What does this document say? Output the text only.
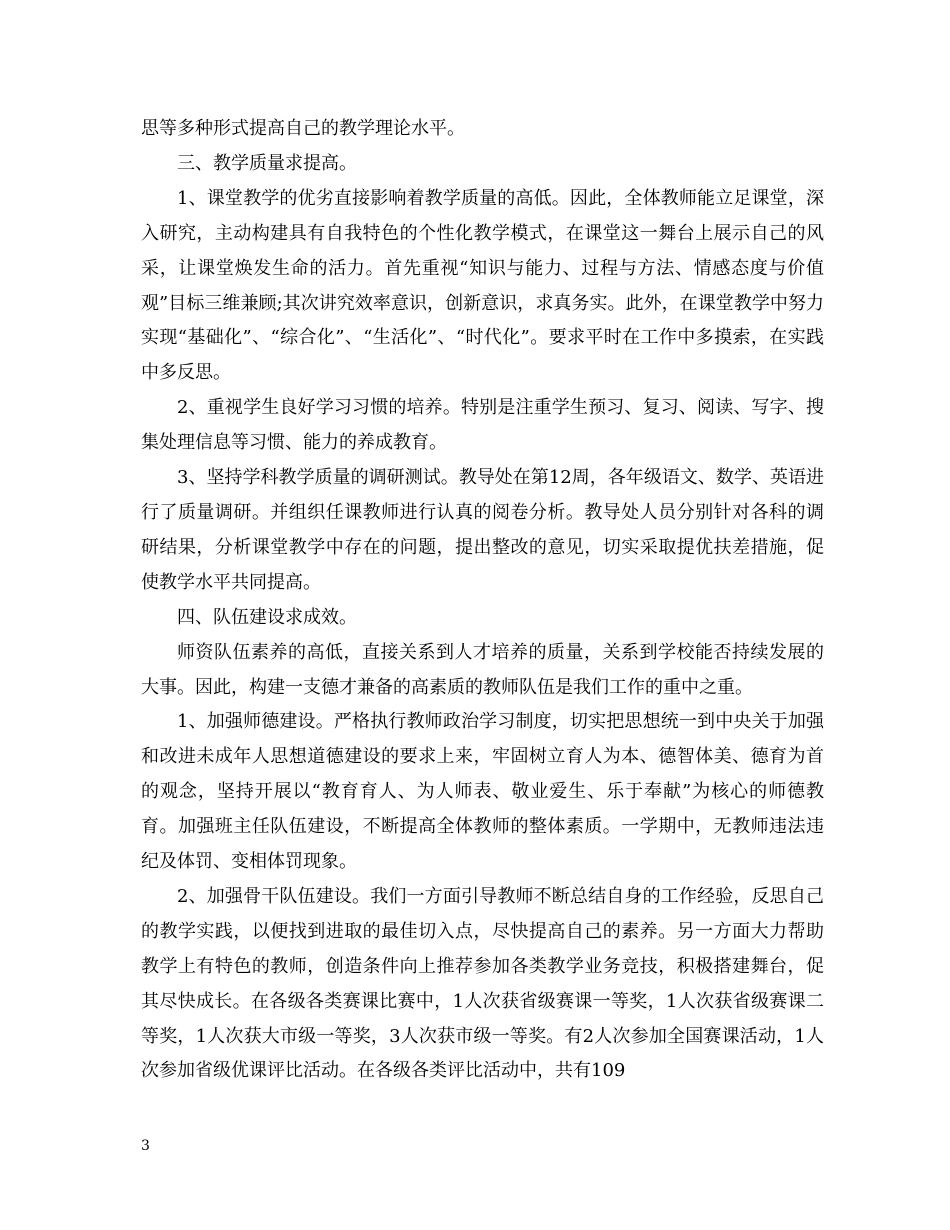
思等多种形式提高自己的教学理论水平。

三、教学质量求提高。

1、课堂教学的优劣直接影响着教学质量的高低。因此，全体教师能立足课堂，深入研究，主动构建具有自我特色的个性化教学模式，在课堂这一舞台上展示自己的风采，让课堂焕发生命的活力。首先重视“知识与能力、过程与方法、情感态度与价值观”目标三维兼顾;其次讲究效率意识，创新意识，求真务实。此外，在课堂教学中努力实现“基础化”、“综合化”、“生活化”、“时代化”。要求平时在工作中多摸索，在实践中多反思。

2、重视学生良好学习习惯的培养。特别是注重学生预习、复习、阅读、写字、搜集处理信息等习惯、能力的养成教育。

3、坚持学科教学质量的调研测试。教导处在第12周，各年级语文、数学、英语进行了质量调研。并组织任课教师进行认真的阅卷分析。教导处人员分别针对各科的调研结果，分析课堂教学中存在的问题，提出整改的意见，切实采取提优扶差措施，促使教学水平共同提高。

四、队伍建设求成效。

师资队伍素养的高低，直接关系到人才培养的质量，关系到学校能否持续发展的大事。因此，构建一支德才兼备的高素质的教师队伍是我们工作的重中之重。

1、加强师德建设。严格执行教师政治学习制度，切实把思想统一到中央关于加强和改进未成年人思想道德建设的要求上来，牢固树立育人为本、德智体美、德育为首的观念，坚持开展以“教育育人、为人师表、敬业爱生、乐于奉献”为核心的师德教育。加强班主任队伍建设，不断提高全体教师的整体素质。一学期中，无教师违法违纪及体罚、变相体罚现象。

2、加强骨干队伍建设。我们一方面引导教师不断总结自身的工作经验，反思自己的教学实践，以便找到进取的最佳切入点，尽快提高自己的素养。另一方面大力帮助教学上有特色的教师，创造条件向上推荐参加各类教学业务竞技，积极搭建舞台，促其尽快成长。在各级各类赛课比赛中，1人次获省级赛课一等奖，1人次获省级赛课二等奖，1人次获大市级一等奖，3人次获市级一等奖。有2人次参加全国赛课活动，1人次参加省级优课评比活动。在各级各类评比活动中，共有109

3
